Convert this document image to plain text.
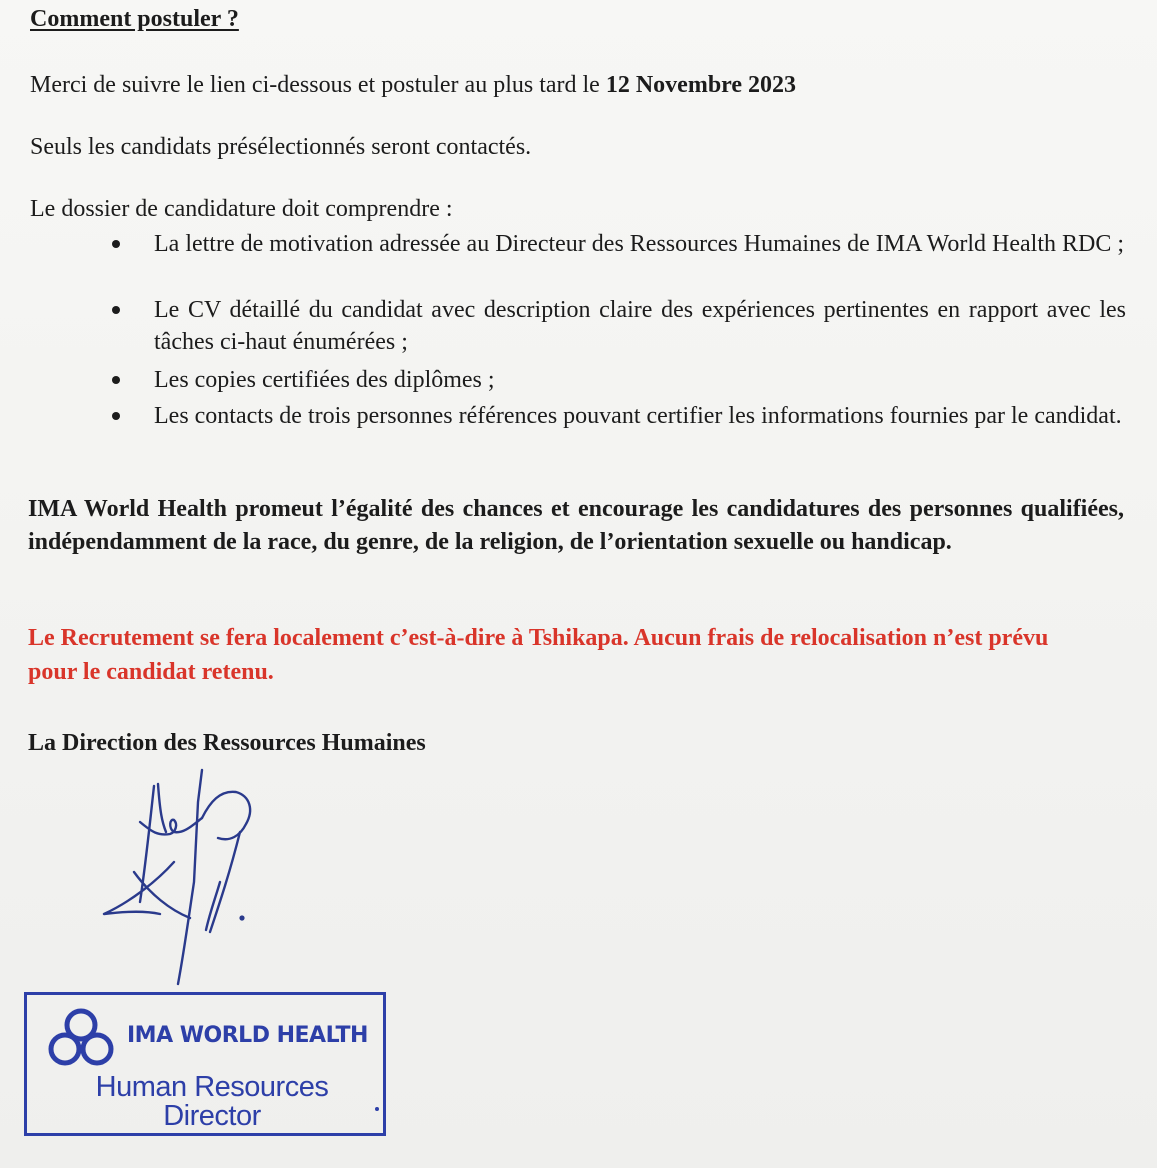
Comment postuler ?

Merci de suivre le lien ci-dessous et postuler au plus tard le 12 Novembre 2023

Seuls les candidats présélectionnés seront contactés.

Le dossier de candidature doit comprendre :

La lettre de motivation adressée au Directeur des Ressources Humaines de IMA World Health RDC ;

Le CV détaillé du candidat avec description claire des expériences pertinentes en rapport avec les tâches ci-haut énumérées ;

Les copies certifiées des diplômes ;

Les contacts de trois personnes références pouvant certifier les informations fournies par le candidat.

IMA World Health promeut l’égalité des chances et encourage les candidatures des personnes qualifiées, indépendamment de la race, du genre, de la religion, de l’orientation sexuelle ou handicap.

Le Recrutement se fera localement c’est-à-dire à Tshikapa. Aucun frais de relocalisation n’est prévu pour le candidat retenu.

La Direction des Ressources Humaines

IMA WORLD HEALTH

Human Resources
Director
